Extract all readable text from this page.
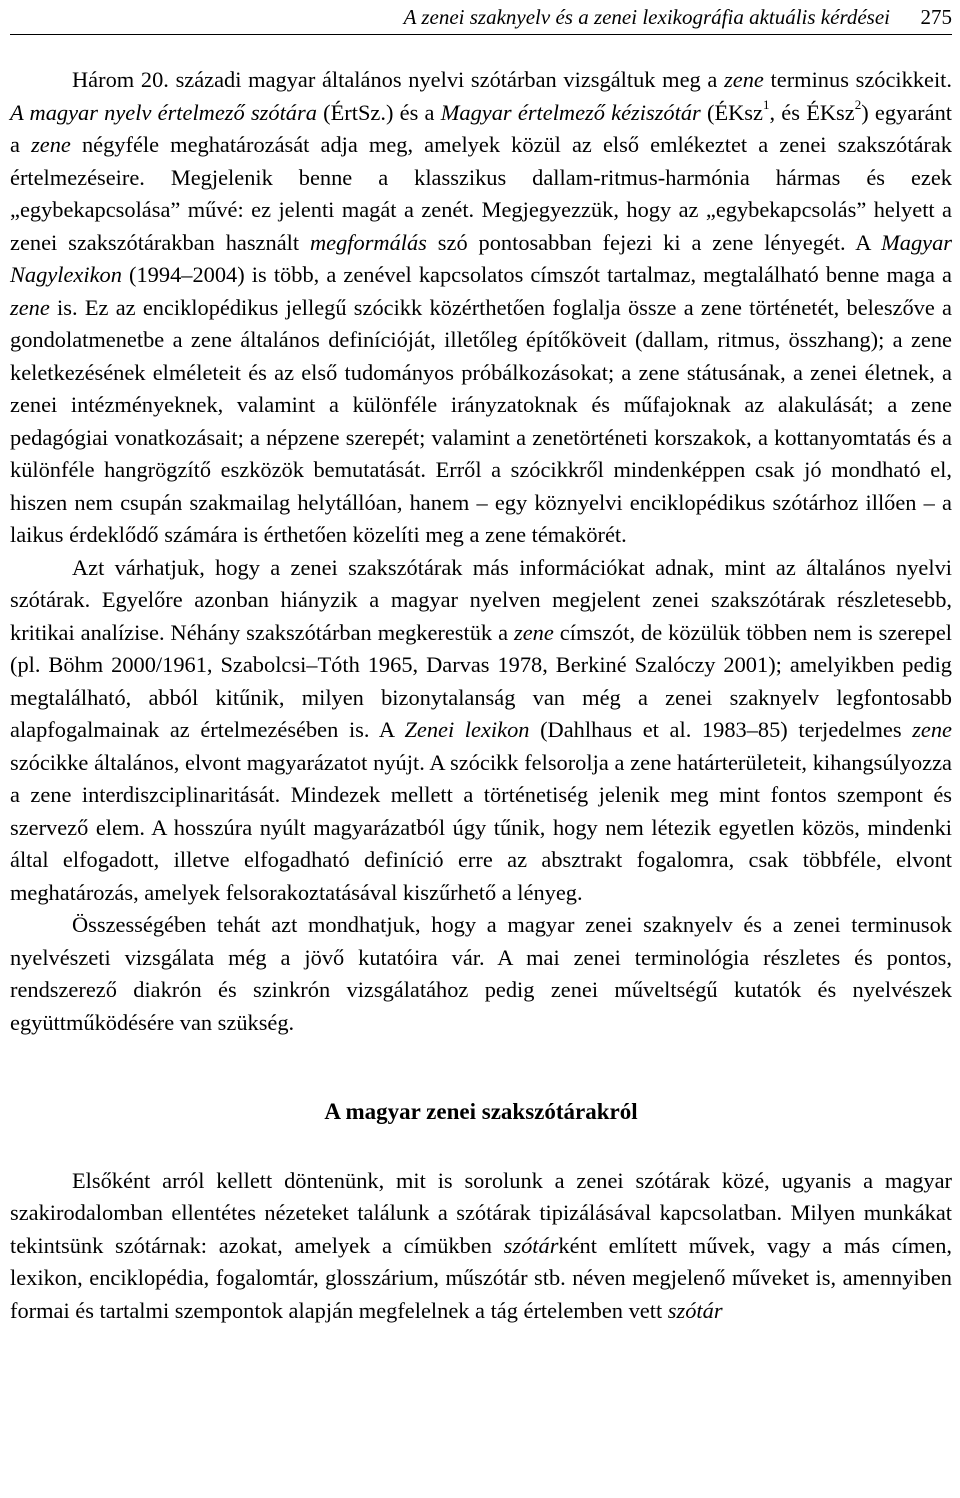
A zenei szaknyelv és a zenei lexikográfia aktuális kérdései 275

Három 20. századi magyar általános nyelvi szótárban vizsgáltuk meg a zene terminus szócikkeit. A magyar nyelv értelmező szótára (ÉrtSz.) és a Magyar értelmező kéziszótár (ÉKsz$^1$, és ÉKsz$^2$) egyaránt a zene négyféle meghatározását adja meg, amelyek közül az első emlékeztet a zenei szakszótárak értelmezéseire. Megjelenik benne a klasszikus dallam-ritmus-harmónia hármas és ezek „egybekapcsolása” művé: ez jelenti magát a zenét. Megjegyezzük, hogy az „egybekapcsolás” helyett a zenei szakszótárakban használt megformálás szó pontosabban fejezi ki a zene lényegét. A Magyar Nagylexikon (1994–2004) is több, a zenével kapcsolatos címszót tartalmaz, megtalálható benne maga a zene is. Ez az enciklopédikus jellegű szócikk közérthetően foglalja össze a zene történetét, beleszőve a gondolatmenetbe a zene általános definícióját, illetőleg építőköveit (dallam, ritmus, összhang); a zene keletkezésének elméleteit és az első tudományos próbálkozásokat; a zene státusának, a zenei életnek, a zenei intézményeknek, valamint a különféle irányzatoknak és műfajoknak az alakulását; a zene pedagógiai vonatkozásait; a népzene szerepét; valamint a zenetörténeti korszakok, a kottanyomtatás és a különféle hangrögzítő eszközök bemutatását. Erről a szócikkről mindenképpen csak jó mondható el, hiszen nem csupán szakmailag helytállóan, hanem – egy köznyelvi enciklopédikus szótárhoz illően – a laikus érdeklődő számára is érthetően közelíti meg a zene témakörét.

Azt várhatjuk, hogy a zenei szakszótárak más információkat adnak, mint az általános nyelvi szótárak. Egyelőre azonban hiányzik a magyar nyelven megjelent zenei szakszótárak részletesebb, kritikai analízise. Néhány szakszótárban megkerestük a zene címszót, de közülük többen nem is szerepel (pl. Böhm 2000/1961, Szabolcsi–Tóth 1965, Darvas 1978, Berkiné Szalóczy 2001); amelyikben pedig megtalálható, abból kitűnik, milyen bizonytalanság van még a zenei szaknyelv legfontosabb alapfogalmainak az értelmezésében is. A Zenei lexikon (Dahlhaus et al. 1983–85) terjedelmes zene szócikke általános, elvont magyarázatot nyújt. A szócikk felsorolja a zene határterületeit, kihangsúlyozza a zene interdiszciplinaritását. Mindezek mellett a történetiség jelenik meg mint fontos szempont és szervező elem. A hosszúra nyúlt magyarázatból úgy tűnik, hogy nem létezik egyetlen közös, mindenki által elfogadott, illetve elfogadható definíció erre az absztrakt fogalomra, csak többféle, elvont meghatározás, amelyek felsorakoztatásával kiszűrhető a lényeg.

Összességében tehát azt mondhatjuk, hogy a magyar zenei szaknyelv és a zenei terminusok nyelvészeti vizsgálata még a jövő kutatóira vár. A mai zenei terminológia részletes és pontos, rendszerező diakrón és szinkrón vizsgálatához pedig zenei műveltségű kutatók és nyelvészek együttműködésére van szükség.

A magyar zenei szakszótárakról

Elsőként arról kellett döntenünk, mit is sorolunk a zenei szótárak közé, ugyanis a magyar szakirodalomban ellentétes nézeteket találunk a szótárak tipizálásával kapcsolatban. Milyen munkákat tekintsünk szótárnak: azokat, amelyek a címükben szótárként említett művek, vagy a más címen, lexikon, enciklopédia, fogalomtár, glosszárium, műszótár stb. néven megjelenő műveket is, amennyiben formai és tartalmi szempontok alapján megfelelnek a tág értelemben vett szótár
